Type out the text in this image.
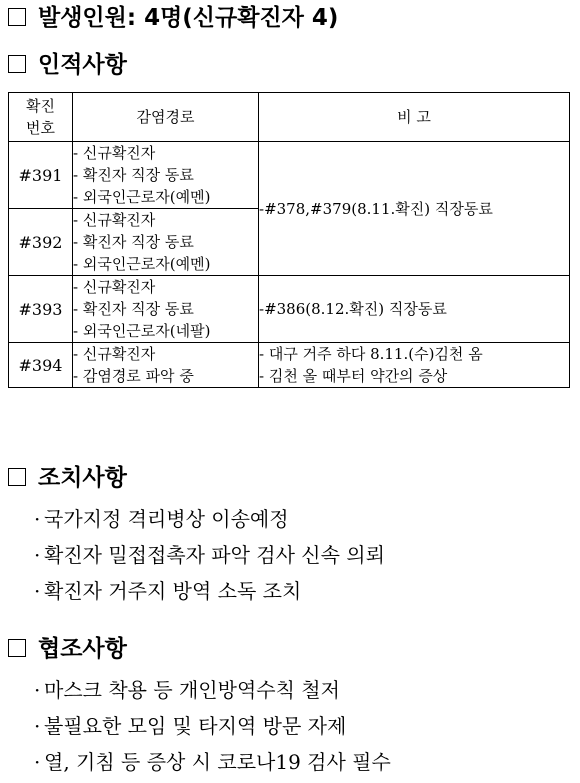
발생인원: 4명(신규확진자 4)
인적사항
확진
번호	감염경로	비 고
#391	- 신규확진자
- 확진자 직장 동료
- 외국인근로자(예멘)	-#378,#379(8.11.확진) 직장동료
#392	- 신규확진자
- 확진자 직장 동료
- 외국인근로자(예멘)	

#393	- 신규확진자
- 확진자 직장 동료
- 외국인근로자(네팔)	-#386(8.12.확진) 직장동료
#394	- 신규확진자
- 감염경로 파악 중	- 대구 거주 하다 8.11.(수)김천 옴
- 김천 올 때부터 약간의 증상
조치사항
· 국가지정 격리병상 이송예정
· 확진자 밀접접촉자 파악 검사 신속 의뢰
· 확진자 거주지 방역 소독 조치
협조사항
· 마스크 착용 등 개인방역수칙 철저
· 불필요한 모임 및 타지역 방문 자제
· 열, 기침 등 증상 시 코로나19 검사 필수
